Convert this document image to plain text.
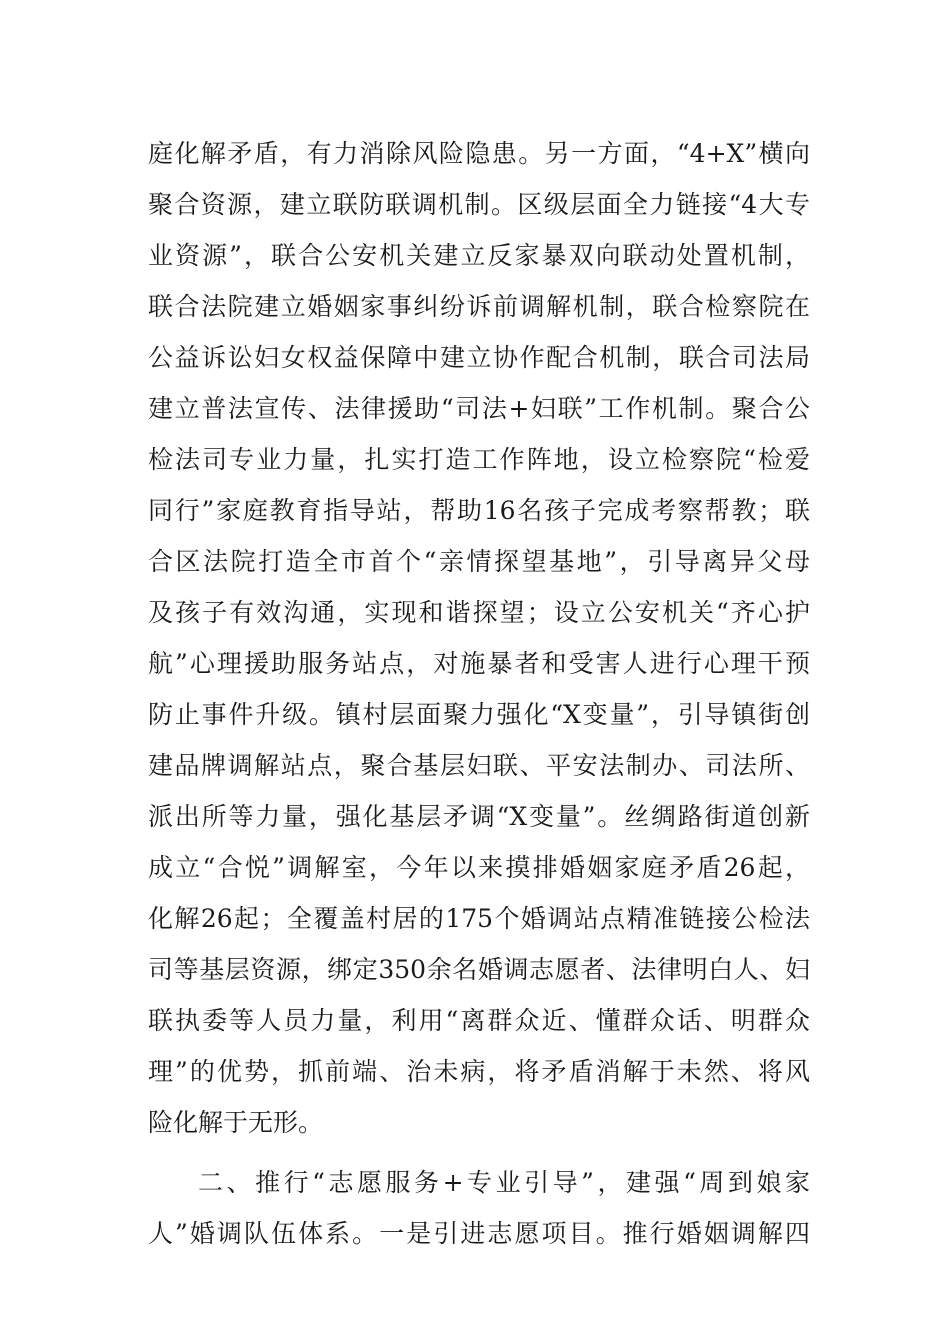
庭化解矛盾，有力消除风险隐患。另一方面，“4+X”横向
聚合资源，建立联防联调机制。区级层面全力链接“4大专
业资源”，联合公安机关建立反家暴双向联动处置机制，
联合法院建立婚姻家事纠纷诉前调解机制，联合检察院在
公益诉讼妇女权益保障中建立协作配合机制，联合司法局
建立普法宣传、法律援助“司法+妇联”工作机制。聚合公
检法司专业力量，扎实打造工作阵地，设立检察院“检爱
同行”家庭教育指导站，帮助16名孩子完成考察帮教；联
合区法院打造全市首个“亲情探望基地”，引导离异父母
及孩子有效沟通，实现和谐探望；设立公安机关“齐心护
航”心理援助服务站点，对施暴者和受害人进行心理干预
防止事件升级。镇村层面聚力强化“X变量”，引导镇街创
建品牌调解站点，聚合基层妇联、平安法制办、司法所、
派出所等力量，强化基层矛调“X变量”。丝绸路街道创新
成立“合悦”调解室，今年以来摸排婚姻家庭矛盾26起，
化解26起；全覆盖村居的175个婚调站点精准链接公检法
司等基层资源，绑定350余名婚调志愿者、法律明白人、妇
联执委等人员力量，利用“离群众近、懂群众话、明群众
理”的优势，抓前端、治未病，将矛盾消解于未然、将风
险化解于无形。
二、推行“志愿服务+专业引导”，建强“周到娘家
人”婚调队伍体系。一是引进志愿项目。推行婚姻调解四
